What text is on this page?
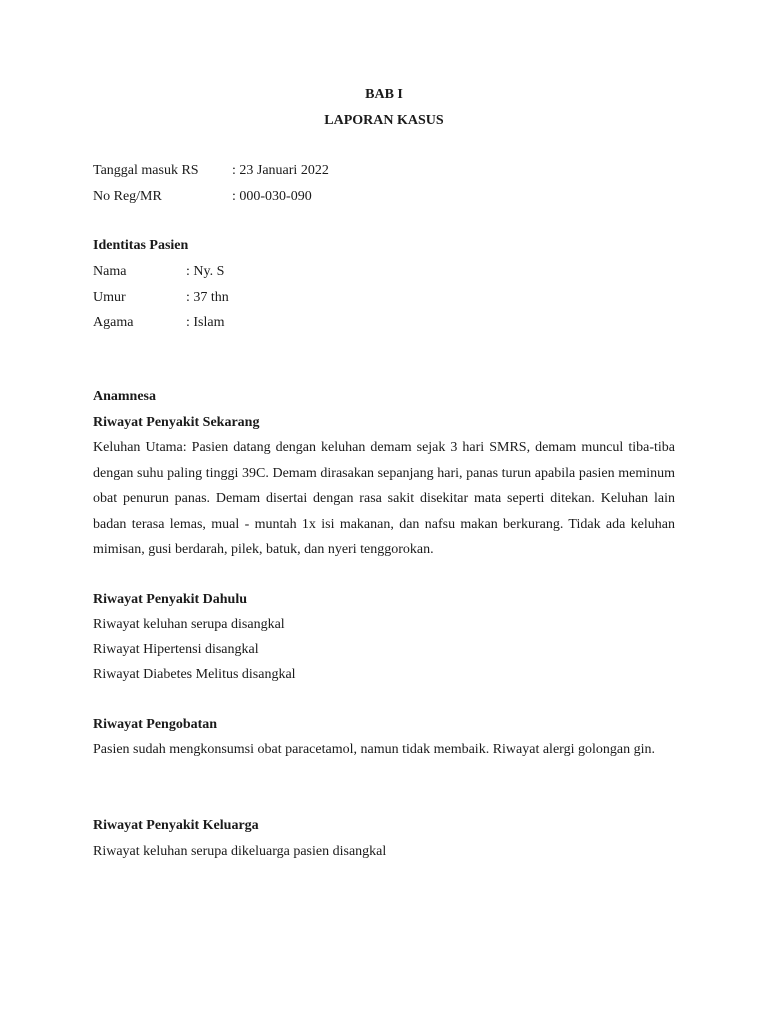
BAB I
LAPORAN KASUS
Tanggal masuk RS : 23 Januari 2022
No Reg/MR	: 000-030-090
Identitas Pasien
Nama	: Ny. S
Umur	: 37 thn
Agama	: Islam
Anamnesa
Riwayat Penyakit Sekarang
Keluhan Utama: Pasien datang dengan keluhan demam sejak 3 hari SMRS, demam muncul tiba-tiba dengan suhu paling tinggi 39C. Demam dirasakan sepanjang hari, panas turun apabila pasien meminum obat penurun panas. Demam disertai dengan rasa sakit disekitar mata seperti ditekan. Keluhan lain badan terasa lemas, mual - muntah 1x isi makanan, dan nafsu makan berkurang. Tidak ada keluhan mimisan, gusi berdarah, pilek, batuk, dan nyeri tenggorokan.
Riwayat Penyakit Dahulu
Riwayat keluhan serupa disangkal
Riwayat Hipertensi disangkal
Riwayat Diabetes Melitus disangkal
Riwayat Pengobatan
Pasien sudah mengkonsumsi obat paracetamol, namun tidak membaik. Riwayat alergi golongan gin.
Riwayat Penyakit Keluarga
Riwayat keluhan serupa dikeluarga pasien disangkal
